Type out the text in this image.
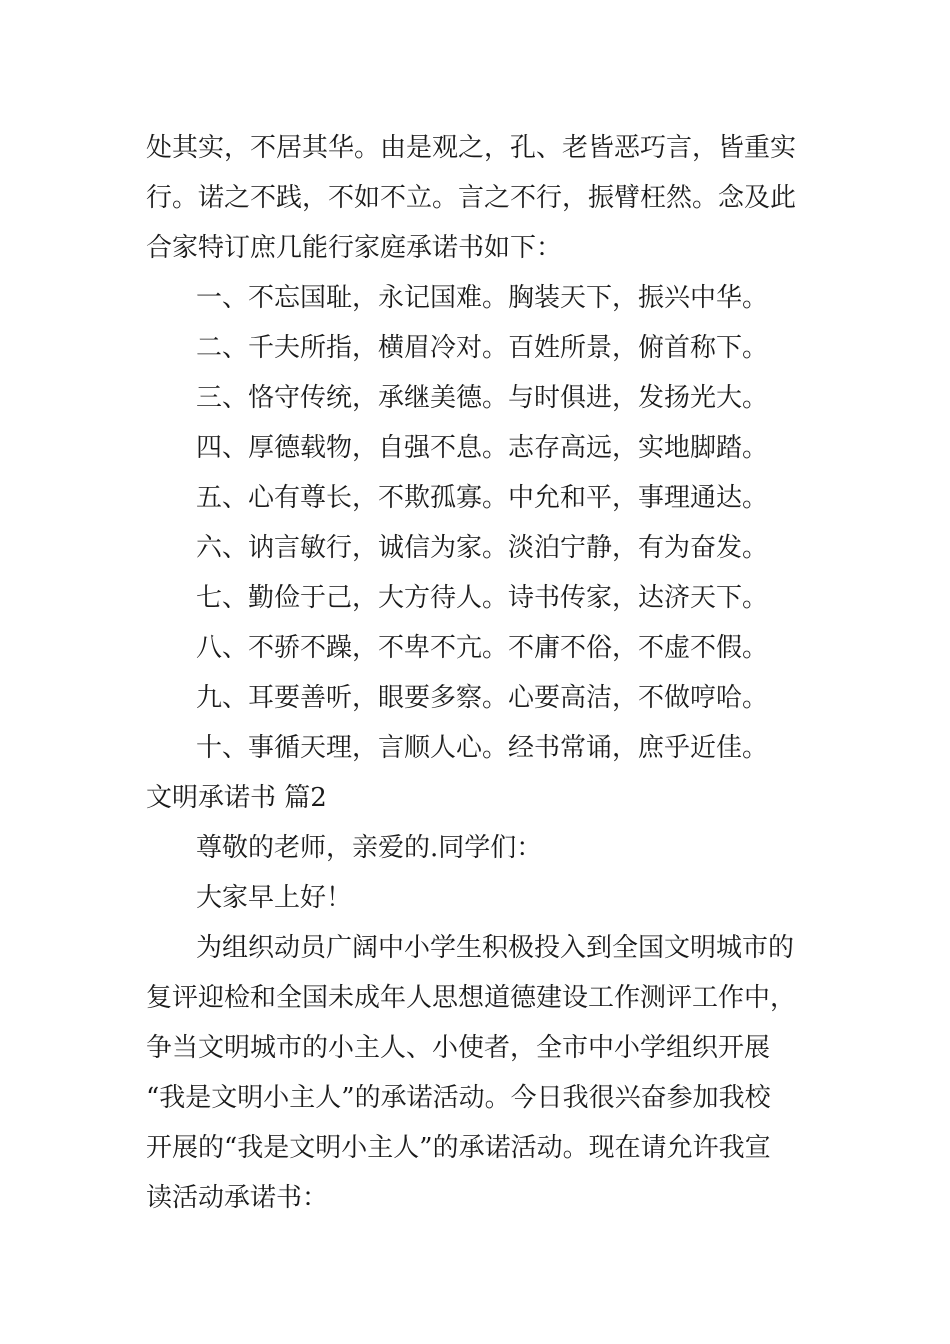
处其实，不居其华。由是观之，孔、老皆恶巧言，皆重实
行。诺之不践，不如不立。言之不行，振臂枉然。念及此
合家特订庶几能行家庭承诺书如下：
一、不忘国耻，永记国难。胸装天下，振兴中华。
二、千夫所指，横眉冷对。百姓所景，俯首称下。
三、恪守传统，承继美德。与时俱进，发扬光大。
四、厚德载物，自强不息。志存高远，实地脚踏。
五、心有尊长，不欺孤寡。中允和平，事理通达。
六、讷言敏行，诚信为家。淡泊宁静，有为奋发。
七、勤俭于己，大方待人。诗书传家，达济天下。
八、不骄不躁，不卑不亢。不庸不俗，不虚不假。
九、耳要善听，眼要多察。心要高洁，不做哼哈。
十、事循天理，言顺人心。经书常诵，庶乎近佳。
文明承诺书 篇2
尊敬的老师，亲爱的.同学们：
大家早上好！
为组织动员广阔中小学生积极投入到全国文明城市的
复评迎检和全国未成年人思想道德建设工作测评工作中，
争当文明城市的小主人、小使者，全市中小学组织开展
“我是文明小主人”的承诺活动。今日我很兴奋参加我校
开展的“我是文明小主人”的承诺活动。现在请允许我宣
读活动承诺书：
